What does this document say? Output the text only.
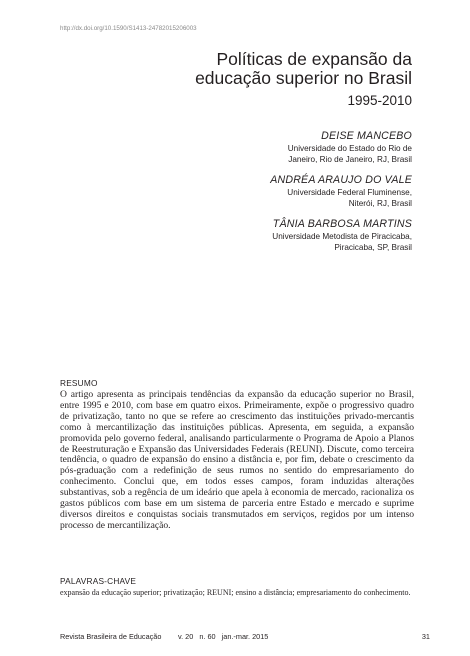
http://dx.doi.org/10.1590/S1413-24782015206003
Políticas de expansão da
educação superior no Brasil
1995-2010
DEISE MANCEBO
Universidade do Estado do Rio de
Janeiro, Rio de Janeiro, RJ, Brasil
ANDRÉA ARAUJO DO VALE
Universidade Federal Fluminense,
Niterói, RJ, Brasil
TÂNIA BARBOSA MARTINS
Universidade Metodista de Piracicaba,
Piracicaba, SP, Brasil
RESUMO

O artigo apresenta as principais tendências da expansão da educação superior no Brasil, entre 1995 e 2010, com base em quatro eixos. Primeiramente, expõe o progressivo quadro de privatização, tanto no que se refere ao crescimento das instituições privado-mercantis como à mercantilização das instituições públicas. Apresenta, em seguida, a expansão promovida pelo governo federal, analisando particularmente o Programa de Apoio a Planos de Reestruturação e Expansão das Universidades Federais (REUNI). Discute, como terceira tendência, o quadro de expansão do ensino a distância e, por fim, debate o crescimento da pós-graduação com a redefinição de seus rumos no sentido do empresariamento do conhecimento. Conclui que, em todos esses campos, foram induzidas alterações substantivas, sob a regência de um ideário que apela à economia de mercado, racionaliza os gastos públicos com base em um sistema de parceria entre Estado e mercado e suprime diversos direitos e conquistas sociais transmutados em serviços, regidos por um intenso processo de mercantilização.

PALAVRAS-CHAVE

expansão da educação superior; privatização; REUNI; ensino a distância; empresariamento do conhecimento.

Revista Brasileira de Educação v. 20   n. 60   jan.-mar. 2015	31
